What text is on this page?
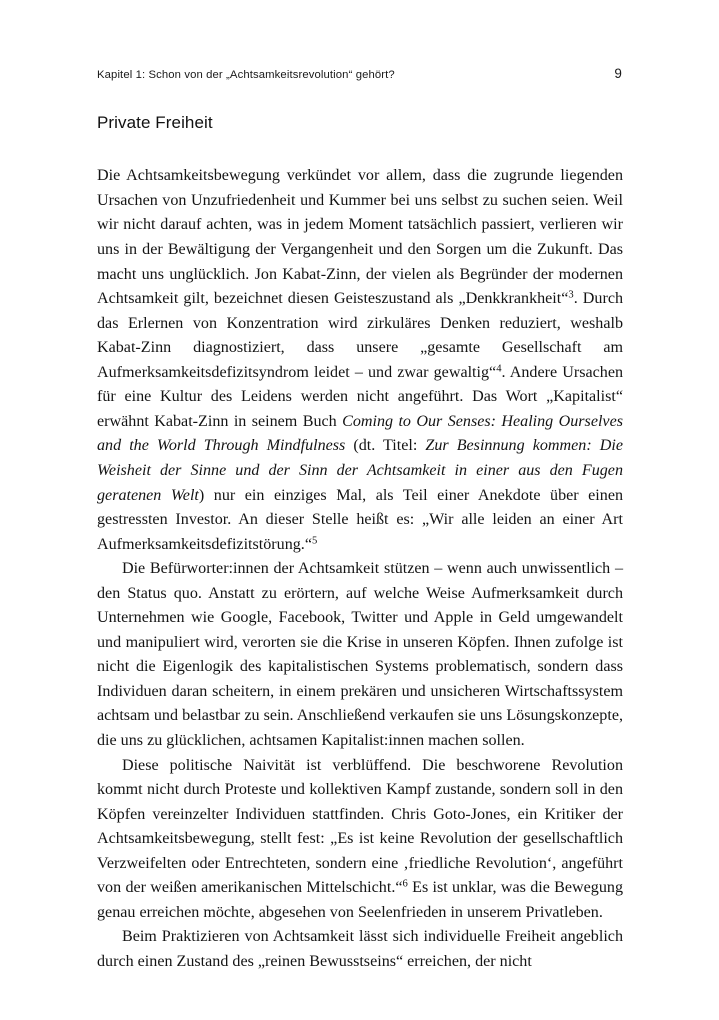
Kapitel 1: Schon von der „Achtsamkeitsrevolution“ gehört?	9
Private Freiheit

Die Achtsamkeitsbewegung verkündet vor allem, dass die zugrunde liegenden Ursachen von Unzufriedenheit und Kummer bei uns selbst zu suchen seien. Weil wir nicht darauf achten, was in jedem Moment tatsächlich passiert, verlieren wir uns in der Bewältigung der Vergangenheit und den Sorgen um die Zukunft. Das macht uns unglücklich. Jon Kabat-Zinn, der vielen als Begründer der modernen Achtsamkeit gilt, bezeichnet diesen Geisteszustand als „Denkkrankheit“$^3$. Durch das Erlernen von Konzentration wird zirkuläres Denken reduziert, weshalb Kabat-Zinn diagnostiziert, dass unsere „gesamte Gesellschaft am Aufmerksamkeitsdefizitsyndrom leidet – und zwar gewaltig“$^4$. Andere Ursachen für eine Kultur des Leidens werden nicht angeführt. Das Wort „Kapitalist“ erwähnt Kabat-Zinn in seinem Buch Coming to Our Senses: Healing Ourselves and the World Through Mindfulness (dt. Titel: Zur Besinnung kommen: Die Weisheit der Sinne und der Sinn der Achtsamkeit in einer aus den Fugen geratenen Welt) nur ein einziges Mal, als Teil einer Anekdote über einen gestressten Investor. An dieser Stelle heißt es: „Wir alle leiden an einer Art Aufmerksamkeitsdefizitstörung.“$^5$

Die Befürworter:innen der Achtsamkeit stützen – wenn auch unwissentlich – den Status quo. Anstatt zu erörtern, auf welche Weise Aufmerksamkeit durch Unternehmen wie Google, Facebook, Twitter und Apple in Geld umgewandelt und manipuliert wird, verorten sie die Krise in unseren Köpfen. Ihnen zufolge ist nicht die Eigenlogik des kapitalistischen Systems problematisch, sondern dass Individuen daran scheitern, in einem prekären und unsicheren Wirtschaftssystem achtsam und belastbar zu sein. Anschließend verkaufen sie uns Lösungskonzepte, die uns zu glücklichen, achtsamen Kapitalist:innen machen sollen.

Diese politische Naivität ist verblüffend. Die beschworene Revolution kommt nicht durch Proteste und kollektiven Kampf zustande, sondern soll in den Köpfen vereinzelter Individuen stattfinden. Chris Goto-Jones, ein Kritiker der Achtsamkeitsbewegung, stellt fest: „Es ist keine Revolution der gesellschaftlich Verzweifelten oder Entrechteten, sondern eine ‚friedliche Revolution‘, angeführt von der weißen amerikanischen Mittelschicht.“$^6$ Es ist unklar, was die Bewegung genau erreichen möchte, abgesehen von Seelenfrieden in unserem Privatleben.

Beim Praktizieren von Achtsamkeit lässt sich individuelle Freiheit angeblich durch einen Zustand des „reinen Bewusstseins“ erreichen, der nicht
